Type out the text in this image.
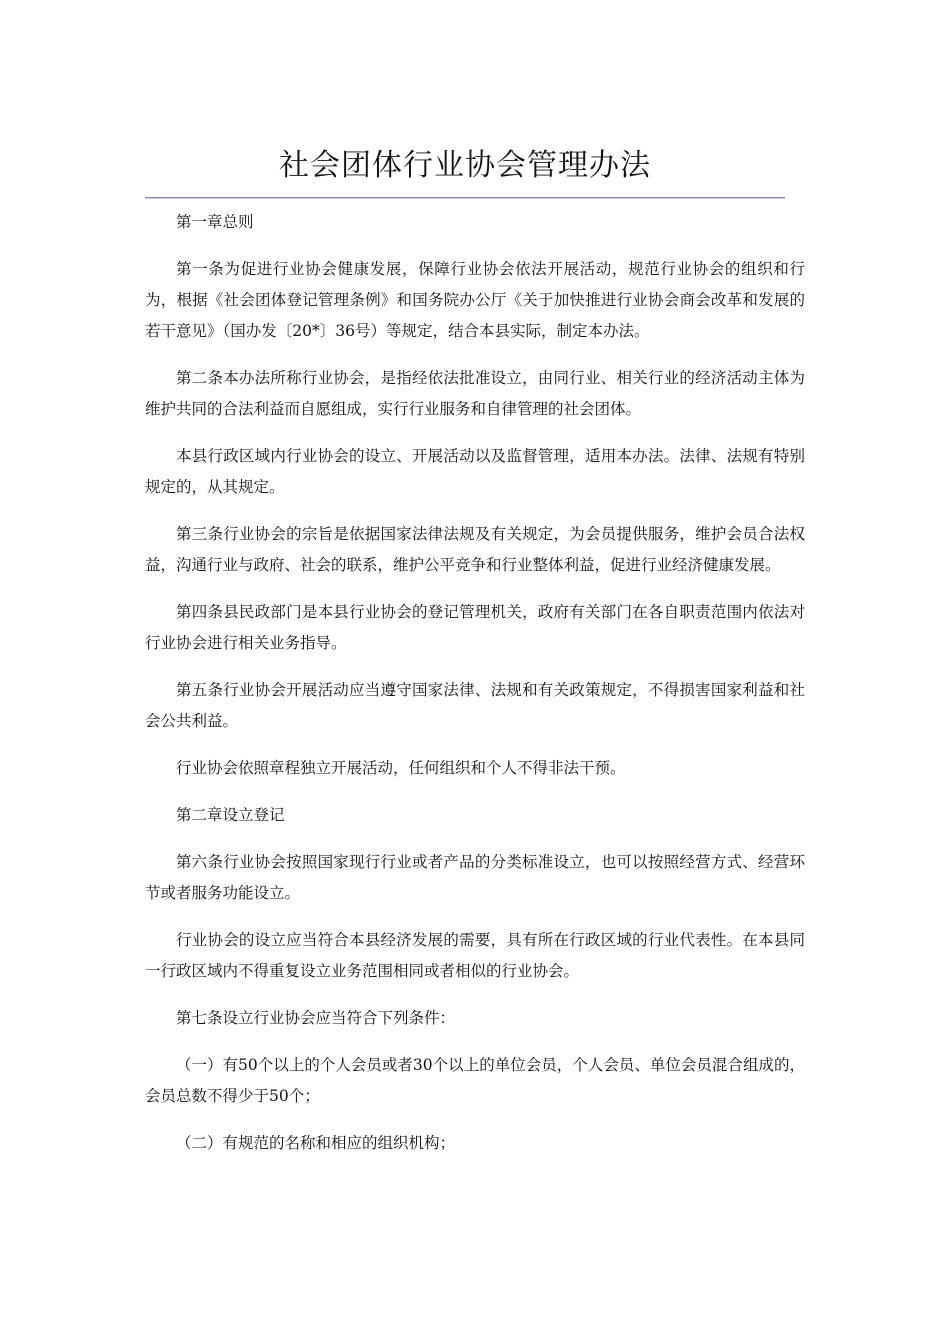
社会团体行业协会管理办法

第一章总则

第一条为促进行业协会健康发展，保障行业协会依法开展活动，规范行业协会的组织和行为，根据《社会团体登记管理条例》和国务院办公厅《关于加快推进行业协会商会改革和发展的若干意见》（国办发〔20*〕36号）等规定，结合本县实际，制定本办法。

第二条本办法所称行业协会，是指经依法批准设立，由同行业、相关行业的经济活动主体为维护共同的合法利益而自愿组成，实行行业服务和自律管理的社会团体。

本县行政区域内行业协会的设立、开展活动以及监督管理，适用本办法。法律、法规有特别规定的，从其规定。

第三条行业协会的宗旨是依据国家法律法规及有关规定，为会员提供服务，维护会员合法权益，沟通行业与政府、社会的联系，维护公平竞争和行业整体利益，促进行业经济健康发展。

第四条县民政部门是本县行业协会的登记管理机关，政府有关部门在各自职责范围内依法对行业协会进行相关业务指导。

第五条行业协会开展活动应当遵守国家法律、法规和有关政策规定，不得损害国家利益和社会公共利益。

行业协会依照章程独立开展活动，任何组织和个人不得非法干预。

第二章设立登记

第六条行业协会按照国家现行行业或者产品的分类标准设立，也可以按照经营方式、经营环节或者服务功能设立。

行业协会的设立应当符合本县经济发展的需要，具有所在行政区域的行业代表性。在本县同一行政区域内不得重复设立业务范围相同或者相似的行业协会。

第七条设立行业协会应当符合下列条件：

（一）有50个以上的个人会员或者30个以上的单位会员，个人会员、单位会员混合组成的，会员总数不得少于50个；

（二）有规范的名称和相应的组织机构；
